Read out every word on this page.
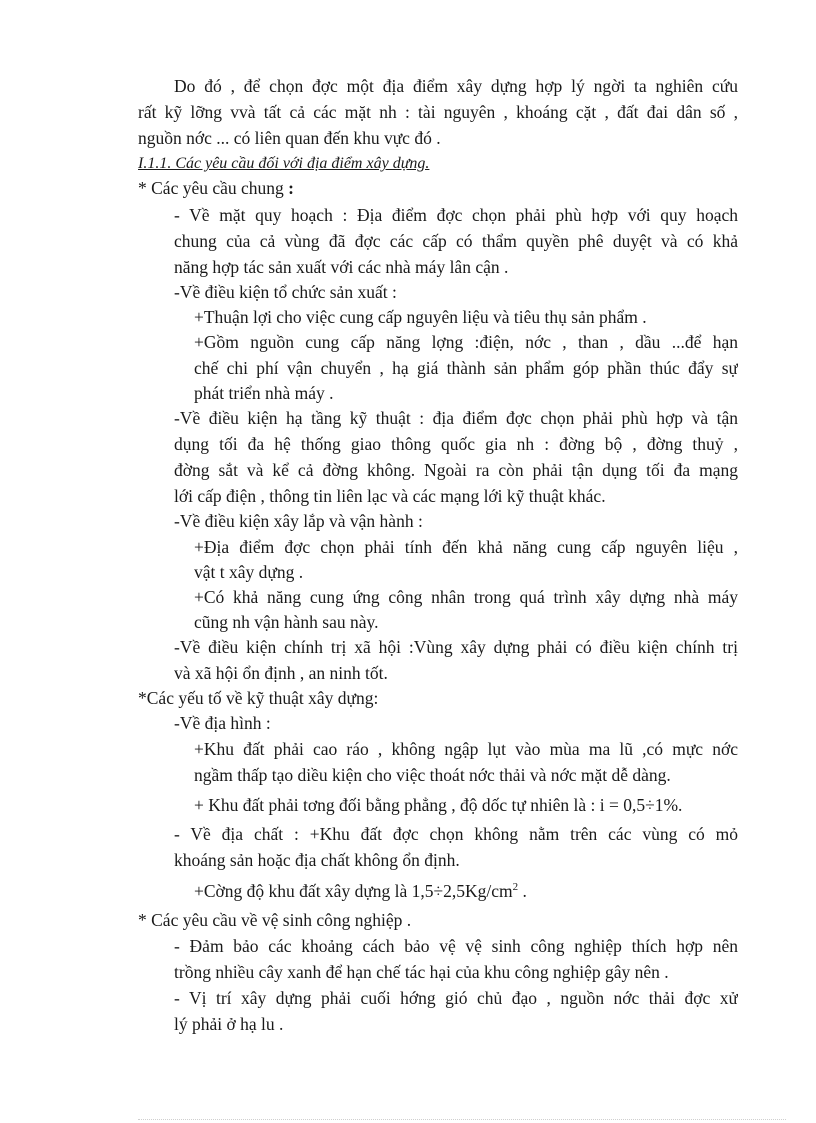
Do đó , để chọn đợc một địa điểm xây dựng hợp lý ngời ta nghiên cứu
rất kỹ lỡng vvà tất cả các mặt nh : tài nguyên , khoáng cặt , đất đai dân số ,
nguồn nớc ... có liên quan đến khu vực đó .
I.1.1. Các yêu cầu đối với địa điểm xây dựng.
* Các yêu cầu chung :
- Về mặt quy hoạch : Địa điểm đợc chọn phải phù hợp với quy hoạch
chung của cả vùng đã đợc các cấp có thẩm quyền phê duyệt và có khả
năng hợp tác sản xuất với các nhà máy lân cận .
-Về điều kiện tổ chức sản xuất :
+Thuận lợi cho việc cung cấp nguyên liệu và tiêu thụ sản phẩm .
+Gồm nguồn cung cấp năng lợng :điện, nớc , than , dầu ...để hạn
chế chi phí vận chuyển , hạ giá thành sản phẩm góp phần thúc đẩy sự
phát triển nhà máy .
-Về điều kiện hạ tầng kỹ thuật : địa điểm đợc chọn phải phù hợp và tận
dụng tối đa hệ thống giao thông quốc gia nh : đờng bộ , đờng thuỷ ,
đờng sắt và kể cả đờng không. Ngoài ra còn phải tận dụng tối đa mạng
lới cấp điện , thông tin liên lạc và các mạng lới kỹ thuật khác.
-Về điều kiện xây lắp và vận hành :
+Địa điểm đợc chọn phải tính đến khả năng cung cấp nguyên liệu ,
vật t xây dựng .
+Có khả năng cung ứng công nhân trong quá trình xây dựng nhà máy
cũng nh vận hành sau này.
-Về điều kiện chính trị xã hội :Vùng xây dựng phải có điều kiện chính trị
và xã hội ổn định , an ninh tốt.
*Các yếu tố về kỹ thuật xây dựng:
-Về địa hình :
+Khu đất phải cao ráo , không ngập lụt vào mùa ma lũ ,có mực nớc
ngầm thấp tạo diều kiện cho việc thoát nớc thải và nớc mặt dễ dàng.
+ Khu đất phải tơng đối bằng phẳng , độ dốc tự nhiên là : i = 0,5÷1%.
- Về địa chất : +Khu đất đợc chọn không nằm trên các vùng có mỏ
khoáng sản hoặc địa chất không ổn định.
+Cờng độ khu đất xây dựng là $1,5\div 2,5Kg/cm^2$ .
* Các yêu cầu về vệ sinh công nghiệp .
- Đảm bảo các khoảng cách bảo vệ vệ sinh công nghiệp thích hợp nên
trồng nhiều cây xanh để hạn chế tác hại của khu công nghiệp gây nên .
- Vị trí xây dựng phải cuối hớng gió chủ đạo , nguồn nớc thải đợc xử
lý phải ở hạ lu .
